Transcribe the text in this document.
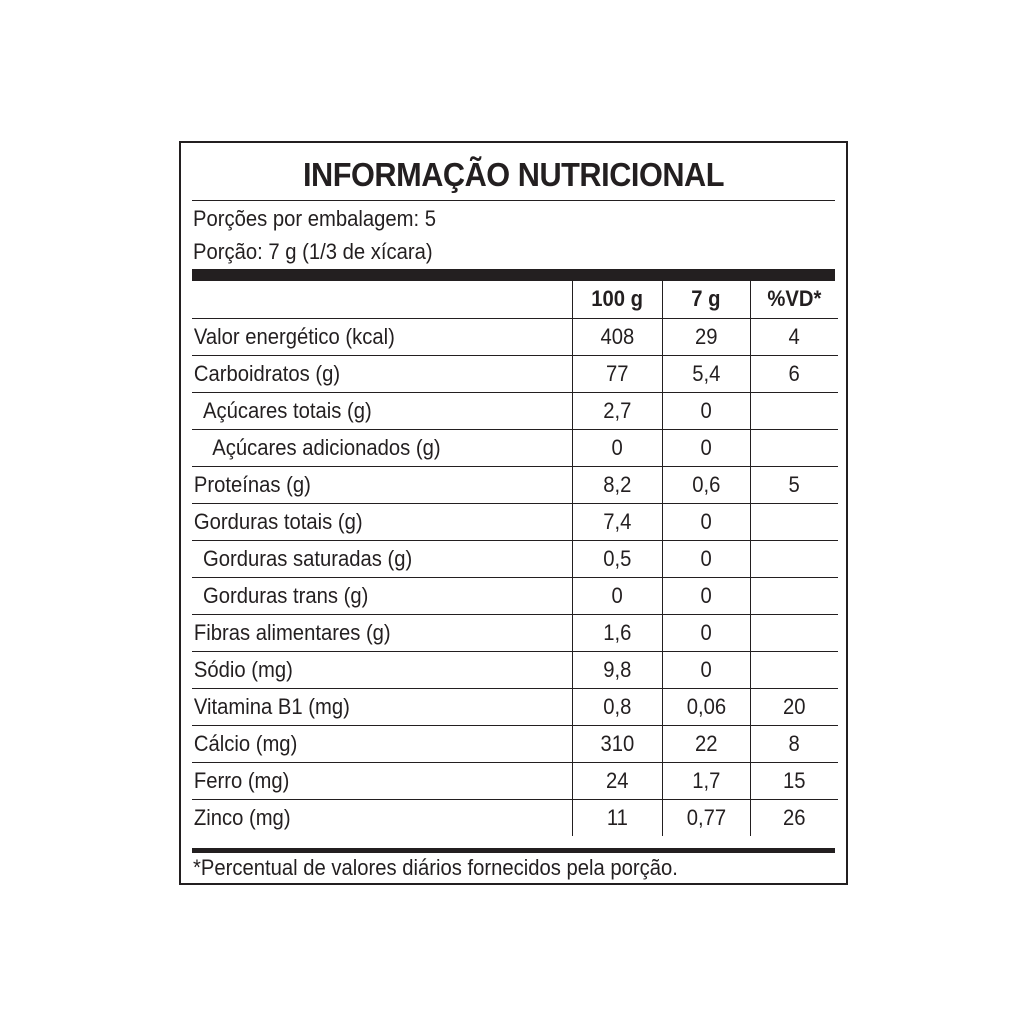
INFORMAÇÃO NUTRICIONAL
Porções por embalagem: 5
Porção: 7 g (1/3 de xícara)
	100 g	7 g	%VD*
Valor energético (kcal)	408	29	4
Carboidratos (g)	77	5,4	6
Açúcares totais (g)	2,7	0	
Açúcares adicionados (g)	0	0	
Proteínas (g)	8,2	0,6	5
Gorduras totais (g)	7,4	0	
Gorduras saturadas (g)	0,5	0	
Gorduras trans (g)	0	0	
Fibras alimentares (g)	1,6	0	
Sódio (mg)	9,8	0	
Vitamina B1 (mg)	0,8	0,06	20
Cálcio (mg)	310	22	8
Ferro (mg)	24	1,7	15
Zinco (mg)	11	0,77	26
*Percentual de valores diários fornecidos pela porção.
